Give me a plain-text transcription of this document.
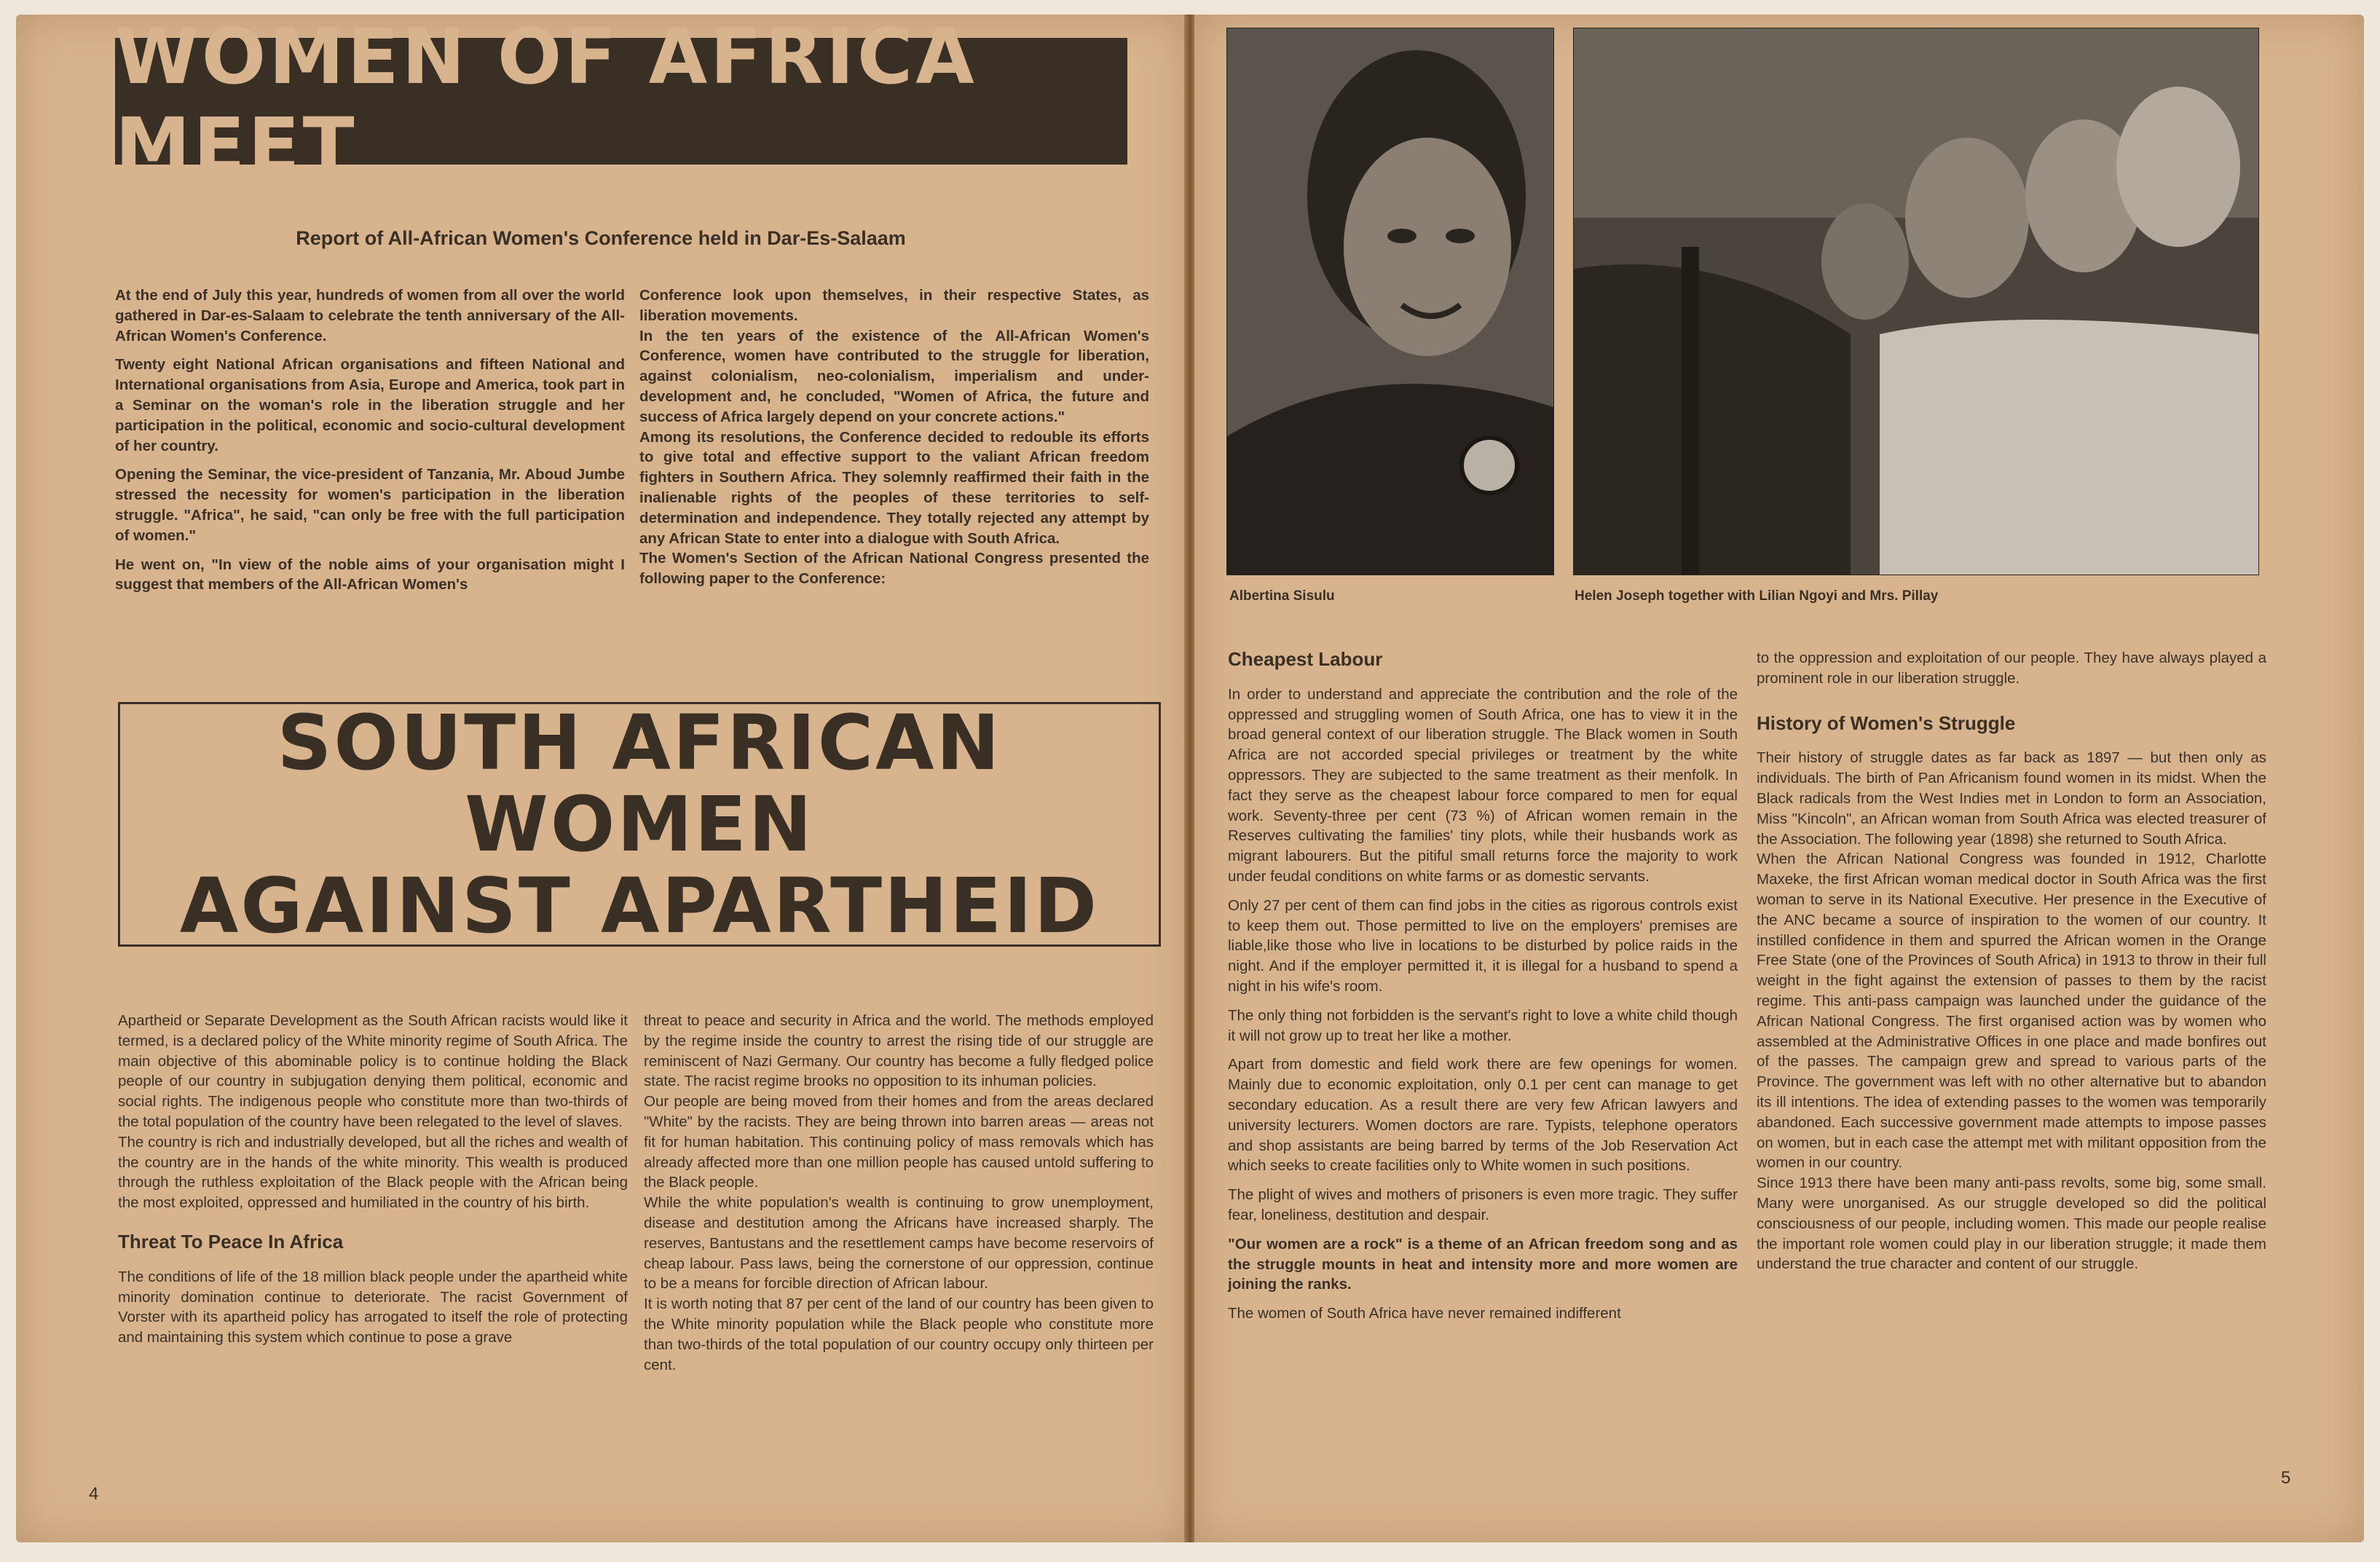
WOMEN OF AFRICA MEET
Report of All-African Women's Conference held in Dar-Es-Salaam

At the end of July this year, hundreds of women from all over the world gathered in Dar-es-Salaam to celebrate the tenth anniversary of the All-African Women's Conference.

Twenty eight National African organisations and fifteen National and International organisations from Asia, Europe and America, took part in a Seminar on the woman's role in the liberation struggle and her participation in the political, economic and socio-cultural development of her country.

Opening the Seminar, the vice-president of Tanzania, Mr. Aboud Jumbe stressed the necessity for women's participation in the liberation struggle. "Africa", he said, "can only be free with the full participation of women."

He went on, "In view of the noble aims of your organisation might I suggest that members of the All-African Women's

Conference look upon themselves, in their respective States, as liberation movements.

In the ten years of the existence of the All-African Women's Conference, women have contributed to the struggle for liberation, against colonialism, neo-colonialism, imperialism and under-development and, he concluded, "Women of Africa, the future and success of Africa largely depend on your concrete actions."

Among its resolutions, the Conference decided to redouble its efforts to give total and effective support to the valiant African freedom fighters in Southern Africa. They solemnly reaffirmed their faith in the inalienable rights of the peoples of these territories to self-determination and independence. They totally rejected any attempt by any African State to enter into a dialogue with South Africa.

The Women's Section of the African National Congress presented the following paper to the Conference:

SOUTH AFRICAN WOMEN
AGAINST APARTHEID

Apartheid or Separate Development as the South African racists would like it termed, is a declared policy of the White minority regime of South Africa. The main objective of this abominable policy is to continue holding the Black people of our country in subjugation denying them political, economic and social rights. The indigenous people who constitute more than two-thirds of the total population of the country have been relegated to the level of slaves.

The country is rich and industrially developed, but all the riches and wealth of the country are in the hands of the white minority. This wealth is produced through the ruthless exploitation of the Black people with the African being the most exploited, oppressed and humiliated in the country of his birth.

Threat To Peace In Africa

The conditions of life of the 18 million black people under the apartheid white minority domination continue to deteriorate. The racist Government of Vorster with its apartheid policy has arrogated to itself the role of protecting and maintaining this system which continue to pose a grave

threat to peace and security in Africa and the world. The methods employed by the regime inside the country to arrest the rising tide of our struggle are reminiscent of Nazi Germany. Our country has become a fully fledged police state. The racist regime brooks no opposition to its inhuman policies.

Our people are being moved from their homes and from the areas declared "White" by the racists. They are being thrown into barren areas — areas not fit for human habitation. This continuing policy of mass removals which has already affected more than one million people has caused untold suffering to the Black people.

While the white population's wealth is continuing to grow unemployment, disease and destitution among the Africans have increased sharply. The reserves, Bantustans and the resettlement camps have become reservoirs of cheap labour. Pass laws, being the cornerstone of our oppression, continue to be a means for forcible direction of African labour.

It is worth noting that 87 per cent of the land of our country has been given to the White minority population while the Black people who constitute more than two-thirds of the total population of our country occupy only thirteen per cent.

4
Albertina Sisulu	Helen Joseph together with Lilian Ngoyi and Mrs. Pillay
Cheapest Labour

In order to understand and appreciate the contribution and the role of the oppressed and struggling women of South Africa, one has to view it in the broad general context of our liberation struggle. The Black women in South Africa are not accorded special privileges or treatment by the white oppressors. They are subjected to the same treatment as their menfolk. In fact they serve as the cheapest labour force compared to men for equal work. Seventy-three per cent (73 %) of African women remain in the Reserves cultivating the families' tiny plots, while their husbands work as migrant labourers. But the pitiful small returns force the majority to work under feudal conditions on white farms or as domestic servants.

Only 27 per cent of them can find jobs in the cities as rigorous controls exist to keep them out. Those permitted to live on the employers' premises are liable,like those who live in locations to be disturbed by police raids in the night. And if the employer permitted it, it is illegal for a husband to spend a night in his wife's room.

The only thing not forbidden is the servant's right to love a white child though it will not grow up to treat her like a mother.

Apart from domestic and field work there are few openings for women. Mainly due to economic exploitation, only 0.1 per cent can manage to get secondary education. As a result there are very few African lawyers and university lecturers. Women doctors are rare. Typists, telephone operators and shop assistants are being barred by terms of the Job Reservation Act which seeks to create facilities only to White women in such positions.

The plight of wives and mothers of prisoners is even more tragic. They suffer fear, loneliness, destitution and despair.

"Our women are a rock" is a theme of an African freedom song and as the struggle mounts in heat and intensity more and more women are joining the ranks.

The women of South Africa have never remained indifferent

to the oppression and exploitation of our people. They have always played a prominent role in our liberation struggle.

History of Women's Struggle

Their history of struggle dates as far back as 1897 — but then only as individuals. The birth of Pan Africanism found women in its midst. When the Black radicals from the West Indies met in London to form an Association, Miss "Kincoln", an African woman from South Africa was elected treasurer of the Association. The following year (1898) she returned to South Africa.

When the African National Congress was founded in 1912, Charlotte Maxeke, the first African woman medical doctor in South Africa was the first woman to serve in its National Executive. Her presence in the Executive of the ANC became a source of inspiration to the women of our country. It instilled confidence in them and spurred the African women in the Orange Free State (one of the Provinces of South Africa) in 1913 to throw in their full weight in the fight against the extension of passes to them by the racist regime. This anti-pass campaign was launched under the guidance of the African National Congress. The first organised action was by women who assembled at the Administrative Offices in one place and made bonfires out of the passes. The campaign grew and spread to various parts of the Province. The government was left with no other alternative but to abandon its ill intentions. The idea of extending passes to the women was temporarily abandoned. Each successive government made attempts to impose passes on women, but in each case the attempt met with militant opposition from the women in our country.

Since 1913 there have been many anti-pass revolts, some big, some small. Many were unorganised. As our struggle developed so did the political consciousness of our people, including women. This made our people realise the important role women could play in our liberation struggle; it made them understand the true character and content of our struggle.

5
